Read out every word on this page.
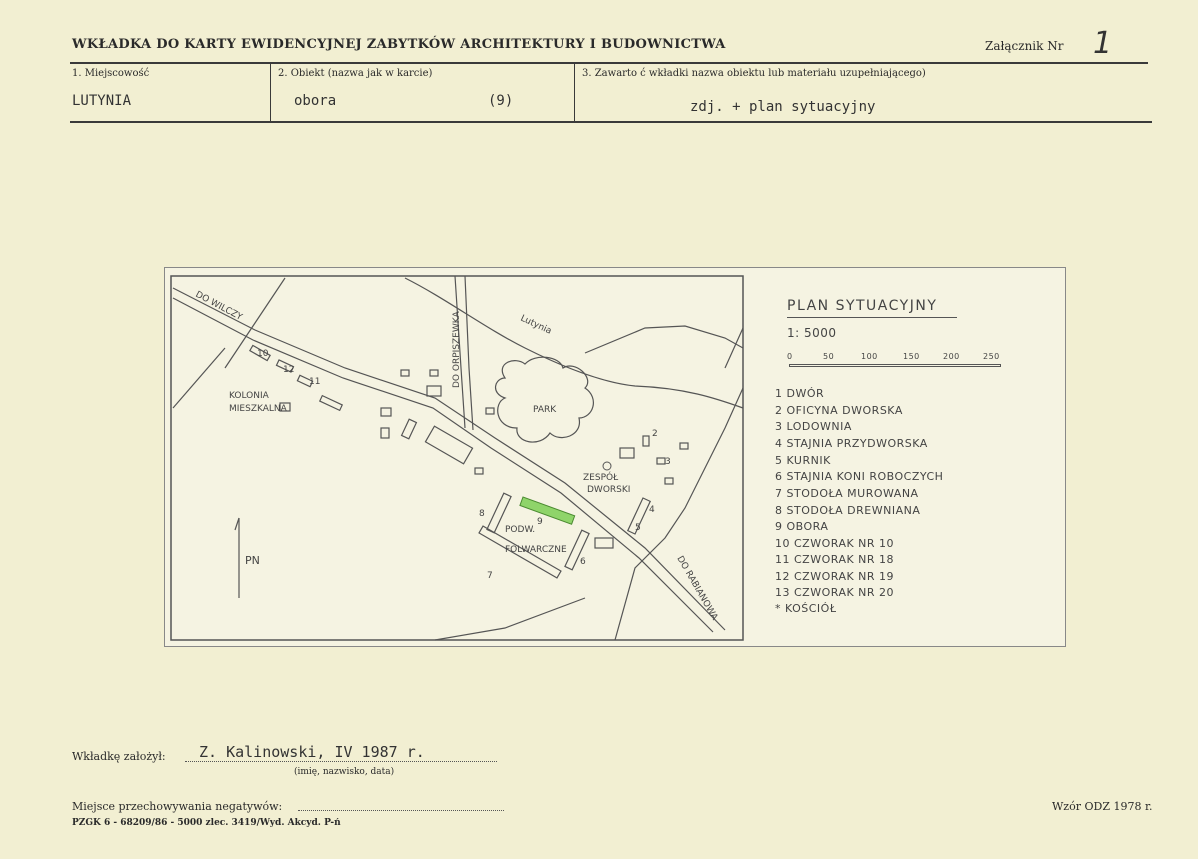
WKŁADKA DO KARTY EWIDENCYJNEJ ZABYTKÓW ARCHITEKTURY I BUDOWNICTWA	Załącznik Nr 1
1. Miejscowość
LUTYNIA
2. Obiekt (nazwa jak w karcie)
obora	(9)
3. Zawarto ć wkładki nazwa obiektu lub materiału uzupełniającego)
zdj. + plan sytuacyjny
DO WILCZY
DO ORPISZEWKA	Lutynia
DO RABIANOWA
KOLONIA
MIESZKALNA	PARK
ZESPÓŁ
DWORSKI
PODW.
FOLWARCZNE
2
3
4
5
6
7
8
9
10
12
11
PN
PLAN SYTUACYJNY
1: 5000
0	50	100	150	200	250
1 DWÓR
2 OFICYNA DWORSKA
3 LODOWNIA
4 STAJNIA PRZYDWORSKA
5 KURNIK
6 STAJNIA KONI ROBOCZYCH
7 STODOŁA MUROWANA
8 STODOŁA DREWNIANA
9 OBORA
10 CZWORAK NR 10
11 CZWORAK NR 18
12 CZWORAK NR 19
13 CZWORAK NR 20
* KOŚCIÓŁ
Wkładkę założył:	Z. Kalinowski, IV 1987 r.
(imię, nazwisko, data)
Miejsce przechowywania negatywów:
PZGK 6 - 68209/86 - 5000 zlec. 3419/Wyd. Akcyd. P-ń
Wzór ODZ 1978 r.
